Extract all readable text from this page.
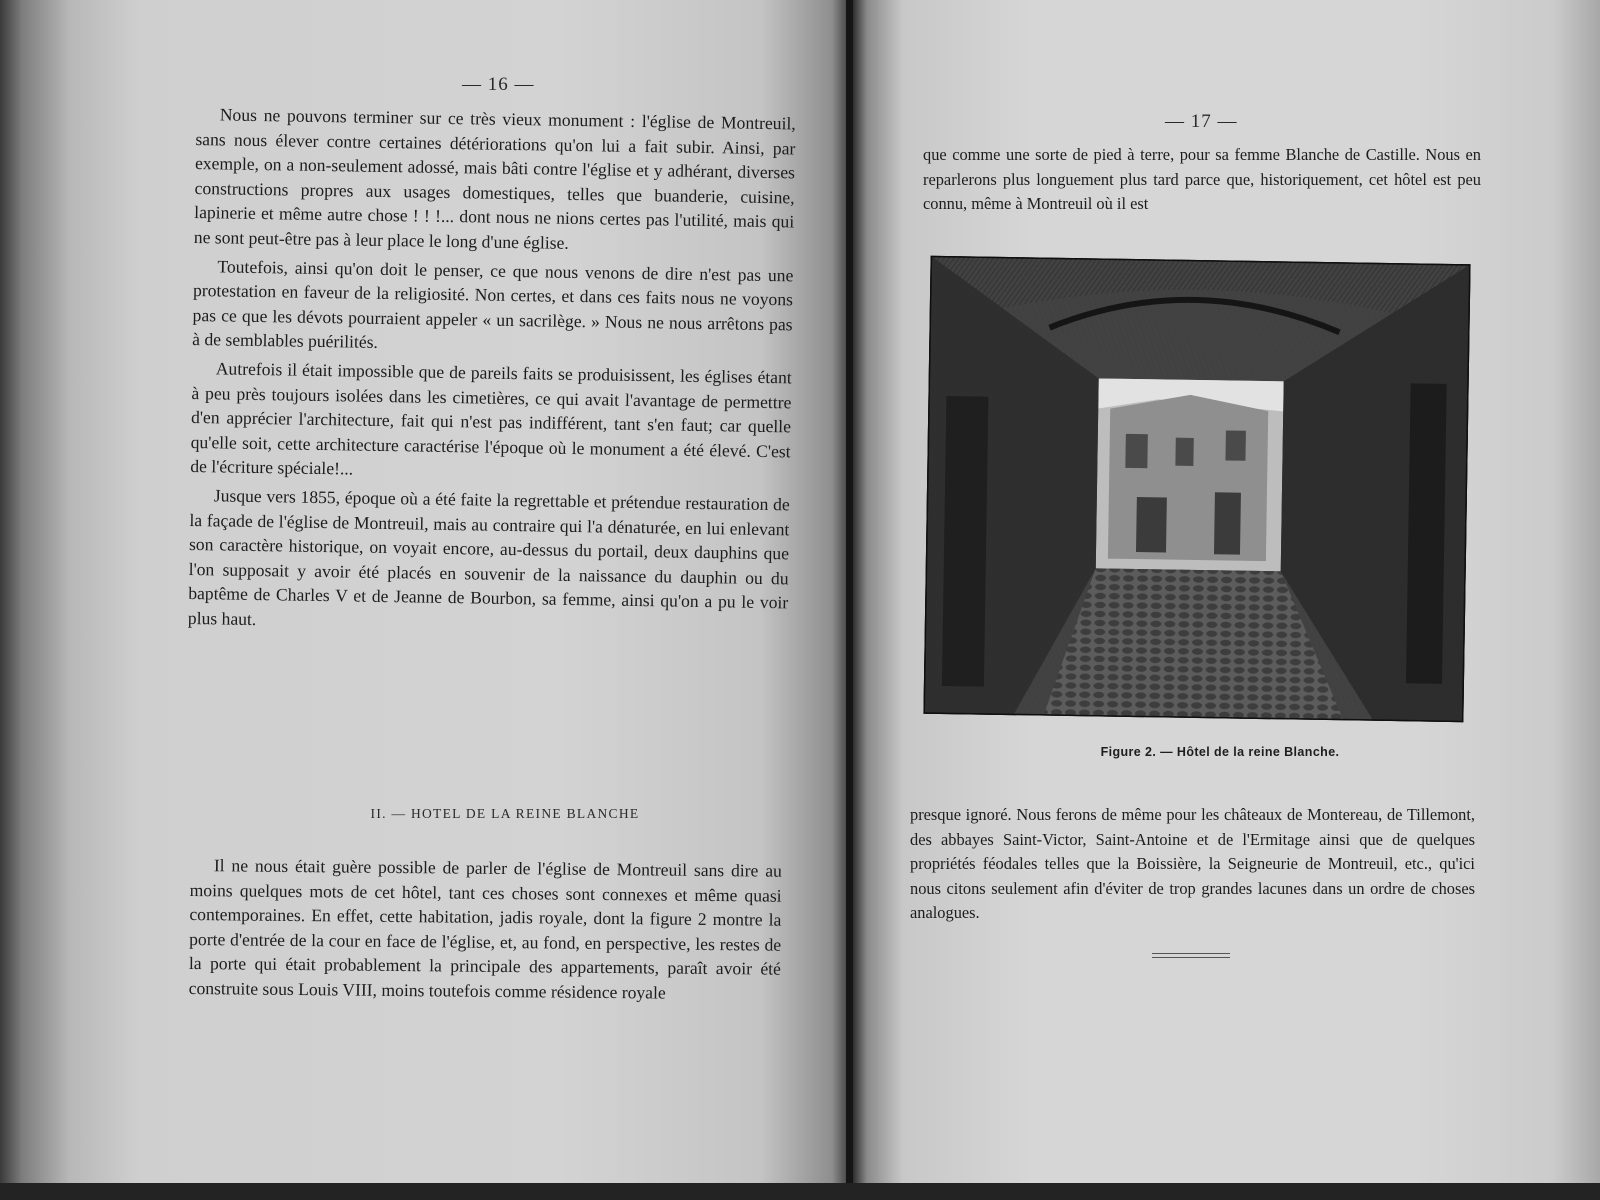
— 16 —

Nous ne pouvons terminer sur ce très vieux monument : l'église de Montreuil, sans nous élever contre certaines détériorations qu'on lui a fait subir. Ainsi, par exemple, on a non-seulement adossé, mais bâti contre l'église et y adhérant, diverses constructions propres aux usages domestiques, telles que buanderie, cuisine, lapinerie et même autre chose ! ! !... dont nous ne nions certes pas l'utilité, mais qui ne sont peut-être pas à leur place le long d'une église.

Toutefois, ainsi qu'on doit le penser, ce que nous venons de dire n'est pas une protestation en faveur de la religiosité. Non certes, et dans ces faits nous ne voyons pas ce que les dévots pourraient appeler « un sacrilège. » Nous ne nous arrêtons pas à de semblables puérilités.

Autrefois il était impossible que de pareils faits se produisissent, les églises étant à peu près toujours isolées dans les cimetières, ce qui avait l'avantage de permettre d'en apprécier l'architecture, fait qui n'est pas indifférent, tant s'en faut; car quelle qu'elle soit, cette architecture caractérise l'époque où le monument a été élevé. C'est de l'écriture spéciale!...

Jusque vers 1855, époque où a été faite la regrettable et prétendue restauration de la façade de l'église de Montreuil, mais au contraire qui l'a dénaturée, en lui enlevant son caractère historique, on voyait encore, au-dessus du portail, deux dauphins que l'on supposait y avoir été placés en souvenir de la naissance du dauphin ou du baptême de Charles V et de Jeanne de Bourbon, sa femme, ainsi qu'on a pu le voir plus haut.

II. — HOTEL DE LA REINE BLANCHE

Il ne nous était guère possible de parler de l'église de Montreuil sans dire au moins quelques mots de cet hôtel, tant ces choses sont connexes et même quasi contemporaines. En effet, cette habitation, jadis royale, dont la figure 2 montre la porte d'entrée de la cour en face de l'église, et, au fond, en perspective, les restes de la porte qui était probablement la principale des appartements, paraît avoir été construite sous Louis VIII, moins toutefois comme résidence royale

— 17 —

que comme une sorte de pied à terre, pour sa femme Blanche de Castille. Nous en reparlerons plus longuement plus tard parce que, historiquement, cet hôtel est peu connu, même à Montreuil où il est

Figure 2. — Hôtel de la reine Blanche.

presque ignoré. Nous ferons de même pour les châteaux de Montereau, de Tillemont, des abbayes Saint-Victor, Saint-Antoine et de l'Ermitage ainsi que de quelques propriétés féodales telles que la Boissière, la Seigneurie de Montreuil, etc., qu'ici nous citons seulement afin d'éviter de trop grandes lacunes dans un ordre de choses analogues.
